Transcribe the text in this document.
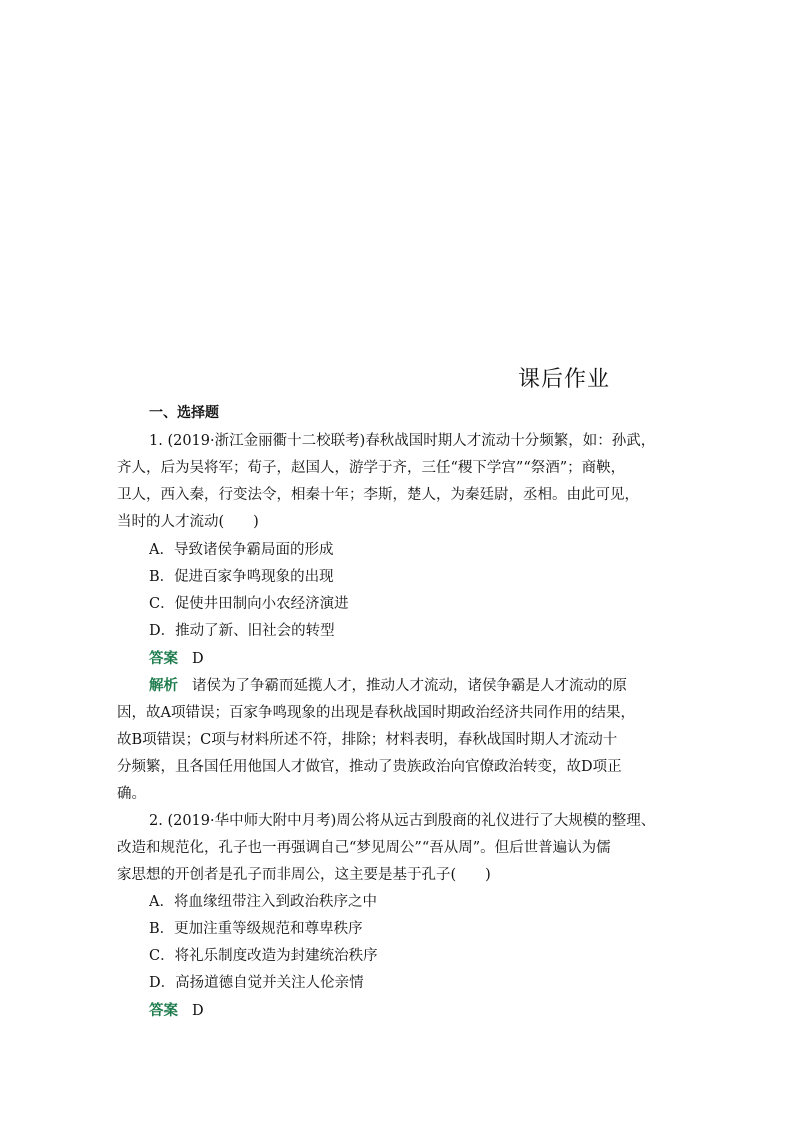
课后作业
一、选择题
1. (2019·浙江金丽衢十二校联考)春秋战国时期人才流动十分频繁，如：孙武，
齐人，后为吴将军；荀子，赵国人，游学于齐，三任“稷下学宫”“祭酒”；商鞅，
卫人，西入秦，行变法令，相秦十年；李斯，楚人，为秦廷尉，丞相。由此可见，
当时的人才流动(　　)
A．导致诸侯争霸局面的形成
B．促进百家争鸣现象的出现
C．促使井田制向小农经济演进
D．推动了新、旧社会的转型
答案 D
解析 诸侯为了争霸而延揽人才，推动人才流动，诸侯争霸是人才流动的原
因，故A项错误；百家争鸣现象的出现是春秋战国时期政治经济共同作用的结果，
故B项错误；C项与材料所述不符，排除；材料表明，春秋战国时期人才流动十
分频繁，且各国任用他国人才做官，推动了贵族政治向官僚政治转变，故D项正
确。
2. (2019·华中师大附中月考)周公将从远古到殷商的礼仪进行了大规模的整理、
改造和规范化，孔子也一再强调自己“梦见周公”“吾从周”。但后世普遍认为儒
家思想的开创者是孔子而非周公，这主要是基于孔子(　　)
A．将血缘纽带注入到政治秩序之中
B．更加注重等级规范和尊卑秩序
C．将礼乐制度改造为封建统治秩序
D．高扬道德自觉并关注人伦亲情
答案 D
